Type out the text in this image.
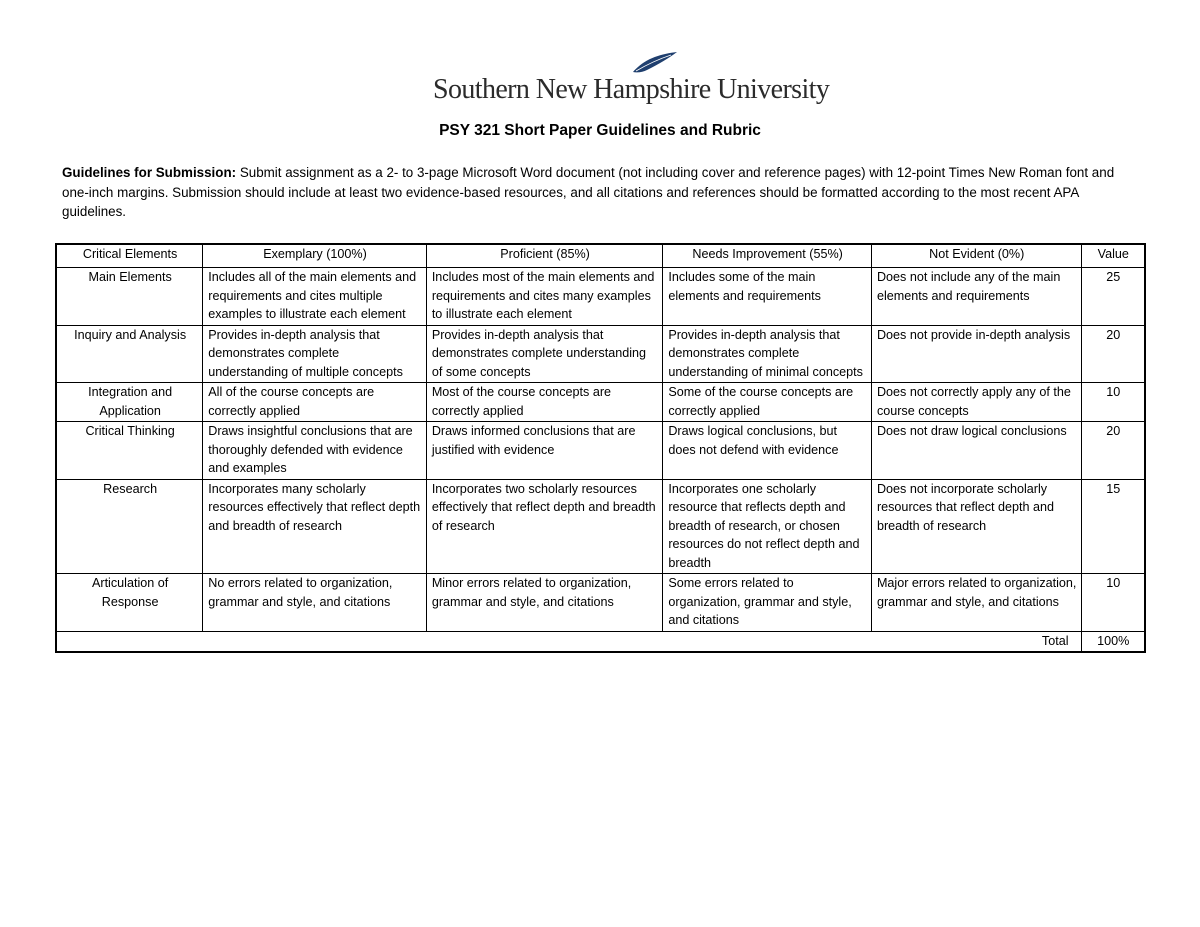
Southern New Hampshire University
PSY 321 Short Paper Guidelines and Rubric
Guidelines for Submission: Submit assignment as a 2- to 3-page Microsoft Word document (not including cover and reference pages) with 12-point Times New Roman font and one-inch margins. Submission should include at least two evidence-based resources, and all citations and references should be formatted according to the most recent APA guidelines.
Critical Elements	Exemplary (100%)	Proficient (85%)	Needs Improvement (55%)	Not Evident (0%)	Value
Main Elements	Includes all of the main elements and requirements and cites multiple examples to illustrate each element	Includes most of the main elements and requirements and cites many examples to illustrate each element	Includes some of the main elements and requirements	Does not include any of the main elements and requirements	25
Inquiry and Analysis	Provides in-depth analysis that demonstrates complete understanding of multiple concepts	Provides in-depth analysis that demonstrates complete understanding of some concepts	Provides in-depth analysis that demonstrates complete understanding of minimal concepts	Does not provide in-depth analysis	20
Integration and Application	All of the course concepts are correctly applied	Most of the course concepts are correctly applied	Some of the course concepts are correctly applied	Does not correctly apply any of the course concepts	10
Critical Thinking	Draws insightful conclusions that are thoroughly defended with evidence and examples	Draws informed conclusions that are justified with evidence	Draws logical conclusions, but does not defend with evidence	Does not draw logical conclusions	20
Research	Incorporates many scholarly resources effectively that reflect depth and breadth of research	Incorporates two scholarly resources effectively that reflect depth and breadth of research	Incorporates one scholarly resource that reflects depth and breadth of research, or chosen resources do not reflect depth and breadth	Does not incorporate scholarly resources that reflect depth and breadth of research	15
Articulation of Response	No errors related to organization, grammar and style, and citations	Minor errors related to organization, grammar and style, and citations	Some errors related to organization, grammar and style, and citations	Major errors related to organization, grammar and style, and citations	10
Total					100%
